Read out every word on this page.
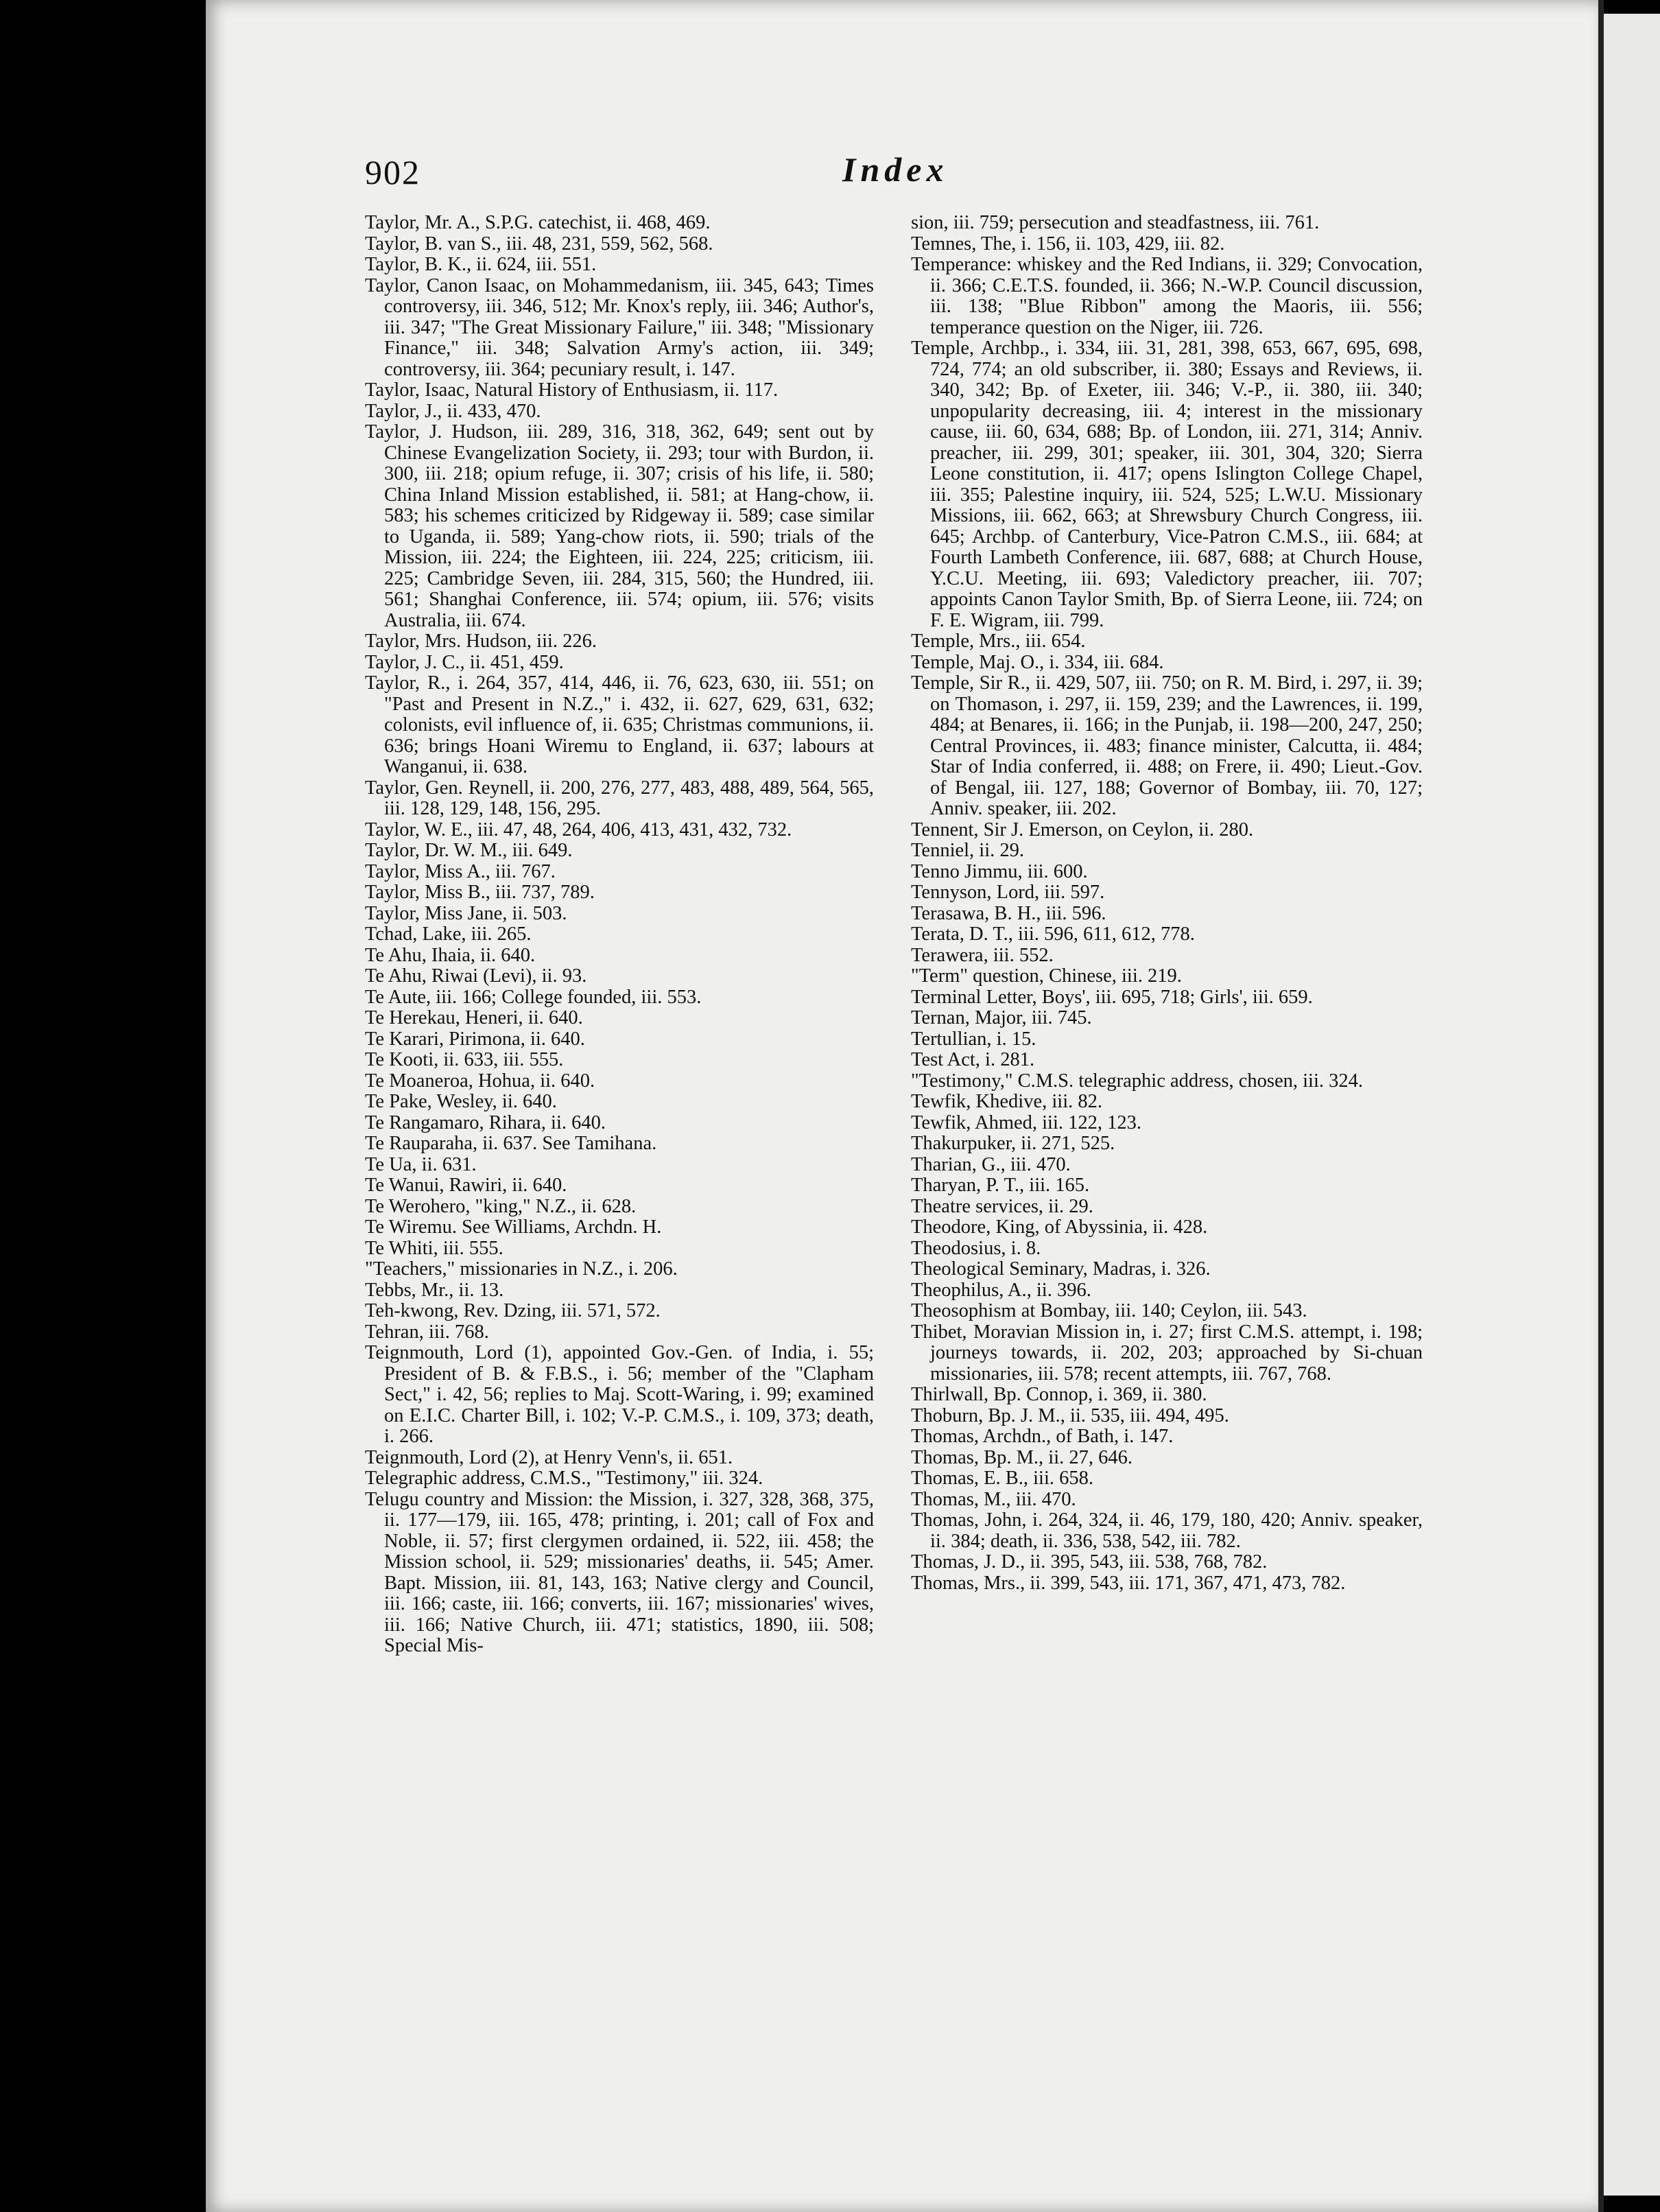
902	Index

Taylor, Mr. A., S.P.G. catechist, ii. 468, 469.

Taylor, B. van S., iii. 48, 231, 559, 562, 568.

Taylor, B. K., ii. 624, iii. 551.

Taylor, Canon Isaac, on Mohammedanism, iii. 345, 643; Times controversy, iii. 346, 512; Mr. Knox's reply, iii. 346; Author's, iii. 347; "The Great Missionary Failure," iii. 348; "Missionary Finance," iii. 348; Salvation Army's action, iii. 349; controversy, iii. 364; pecuniary result, i. 147.

Taylor, Isaac, Natural History of Enthusiasm, ii. 117.

Taylor, J., ii. 433, 470.

Taylor, J. Hudson, iii. 289, 316, 318, 362, 649; sent out by Chinese Evangelization Society, ii. 293; tour with Burdon, ii. 300, iii. 218; opium refuge, ii. 307; crisis of his life, ii. 580; China Inland Mission established, ii. 581; at Hang-chow, ii. 583; his schemes criticized by Ridgeway ii. 589; case similar to Uganda, ii. 589; Yang-chow riots, ii. 590; trials of the Mission, iii. 224; the Eighteen, iii. 224, 225; criticism, iii. 225; Cambridge Seven, iii. 284, 315, 560; the Hundred, iii. 561; Shanghai Conference, iii. 574; opium, iii. 576; visits Australia, iii. 674.

Taylor, Mrs. Hudson, iii. 226.

Taylor, J. C., ii. 451, 459.

Taylor, R., i. 264, 357, 414, 446, ii. 76, 623, 630, iii. 551; on "Past and Present in N.Z.," i. 432, ii. 627, 629, 631, 632; colonists, evil influence of, ii. 635; Christmas communions, ii. 636; brings Hoani Wiremu to England, ii. 637; labours at Wanganui, ii. 638.

Taylor, Gen. Reynell, ii. 200, 276, 277, 483, 488, 489, 564, 565, iii. 128, 129, 148, 156, 295.

Taylor, W. E., iii. 47, 48, 264, 406, 413, 431, 432, 732.

Taylor, Dr. W. M., iii. 649.

Taylor, Miss A., iii. 767.

Taylor, Miss B., iii. 737, 789.

Taylor, Miss Jane, ii. 503.

Tchad, Lake, iii. 265.

Te Ahu, Ihaia, ii. 640.

Te Ahu, Riwai (Levi), ii. 93.

Te Aute, iii. 166; College founded, iii. 553.

Te Herekau, Heneri, ii. 640.

Te Karari, Pirimona, ii. 640.

Te Kooti, ii. 633, iii. 555.

Te Moaneroa, Hohua, ii. 640.

Te Pake, Wesley, ii. 640.

Te Rangamaro, Rihara, ii. 640.

Te Rauparaha, ii. 637. See Tamihana.

Te Ua, ii. 631.

Te Wanui, Rawiri, ii. 640.

Te Werohero, "king," N.Z., ii. 628.

Te Wiremu. See Williams, Archdn. H.

Te Whiti, iii. 555.

"Teachers," missionaries in N.Z., i. 206.

Tebbs, Mr., ii. 13.

Teh-kwong, Rev. Dzing, iii. 571, 572.

Tehran, iii. 768.

Teignmouth, Lord (1), appointed Gov.-Gen. of India, i. 55; President of B. & F.B.S., i. 56; member of the "Clapham Sect," i. 42, 56; replies to Maj. Scott-Waring, i. 99; examined on E.I.C. Charter Bill, i. 102; V.-P. C.M.S., i. 109, 373; death, i. 266.

Teignmouth, Lord (2), at Henry Venn's, ii. 651.

Telegraphic address, C.M.S., "Testimony," iii. 324.

Telugu country and Mission: the Mission, i. 327, 328, 368, 375, ii. 177—179, iii. 165, 478; printing, i. 201; call of Fox and Noble, ii. 57; first clergymen ordained, ii. 522, iii. 458; the Mission school, ii. 529; missionaries' deaths, ii. 545; Amer. Bapt. Mission, iii. 81, 143, 163; Native clergy and Council, iii. 166; caste, iii. 166; converts, iii. 167; missionaries' wives, iii. 166; Native Church, iii. 471; statistics, 1890, iii. 508; Special Mis-

sion, iii. 759; persecution and steadfastness, iii. 761.

Temnes, The, i. 156, ii. 103, 429, iii. 82.

Temperance: whiskey and the Red Indians, ii. 329; Convocation, ii. 366; C.E.T.S. founded, ii. 366; N.-W.P. Council discussion, iii. 138; "Blue Ribbon" among the Maoris, iii. 556; temperance question on the Niger, iii. 726.

Temple, Archbp., i. 334, iii. 31, 281, 398, 653, 667, 695, 698, 724, 774; an old subscriber, ii. 380; Essays and Reviews, ii. 340, 342; Bp. of Exeter, iii. 346; V.-P., ii. 380, iii. 340; unpopularity decreasing, iii. 4; interest in the missionary cause, iii. 60, 634, 688; Bp. of London, iii. 271, 314; Anniv. preacher, iii. 299, 301; speaker, iii. 301, 304, 320; Sierra Leone constitution, ii. 417; opens Islington College Chapel, iii. 355; Palestine inquiry, iii. 524, 525; L.W.U. Missionary Missions, iii. 662, 663; at Shrewsbury Church Congress, iii. 645; Archbp. of Canterbury, Vice-Patron C.M.S., iii. 684; at Fourth Lambeth Conference, iii. 687, 688; at Church House, Y.C.U. Meeting, iii. 693; Valedictory preacher, iii. 707; appoints Canon Taylor Smith, Bp. of Sierra Leone, iii. 724; on F. E. Wigram, iii. 799.

Temple, Mrs., iii. 654.

Temple, Maj. O., i. 334, iii. 684.

Temple, Sir R., ii. 429, 507, iii. 750; on R. M. Bird, i. 297, ii. 39; on Thomason, i. 297, ii. 159, 239; and the Lawrences, ii. 199, 484; at Benares, ii. 166; in the Punjab, ii. 198—200, 247, 250; Central Provinces, ii. 483; finance minister, Calcutta, ii. 484; Star of India conferred, ii. 488; on Frere, ii. 490; Lieut.-Gov. of Bengal, iii. 127, 188; Governor of Bombay, iii. 70, 127; Anniv. speaker, iii. 202.

Tennent, Sir J. Emerson, on Ceylon, ii. 280.

Tenniel, ii. 29.

Tenno Jimmu, iii. 600.

Tennyson, Lord, iii. 597.

Terasawa, B. H., iii. 596.

Terata, D. T., iii. 596, 611, 612, 778.

Terawera, iii. 552.

"Term" question, Chinese, iii. 219.

Terminal Letter, Boys', iii. 695, 718; Girls', iii. 659.

Ternan, Major, iii. 745.

Tertullian, i. 15.

Test Act, i. 281.

"Testimony," C.M.S. telegraphic address, chosen, iii. 324.

Tewfik, Khedive, iii. 82.

Tewfik, Ahmed, iii. 122, 123.

Thakurpuker, ii. 271, 525.

Tharian, G., iii. 470.

Tharyan, P. T., iii. 165.

Theatre services, ii. 29.

Theodore, King, of Abyssinia, ii. 428.

Theodosius, i. 8.

Theological Seminary, Madras, i. 326.

Theophilus, A., ii. 396.

Theosophism at Bombay, iii. 140; Ceylon, iii. 543.

Thibet, Moravian Mission in, i. 27; first C.M.S. attempt, i. 198; journeys towards, ii. 202, 203; approached by Si-chuan missionaries, iii. 578; recent attempts, iii. 767, 768.

Thirlwall, Bp. Connop, i. 369, ii. 380.

Thoburn, Bp. J. M., ii. 535, iii. 494, 495.

Thomas, Archdn., of Bath, i. 147.

Thomas, Bp. M., ii. 27, 646.

Thomas, E. B., iii. 658.

Thomas, M., iii. 470.

Thomas, John, i. 264, 324, ii. 46, 179, 180, 420; Anniv. speaker, ii. 384; death, ii. 336, 538, 542, iii. 782.

Thomas, J. D., ii. 395, 543, iii. 538, 768, 782.

Thomas, Mrs., ii. 399, 543, iii. 171, 367, 471, 473, 782.
